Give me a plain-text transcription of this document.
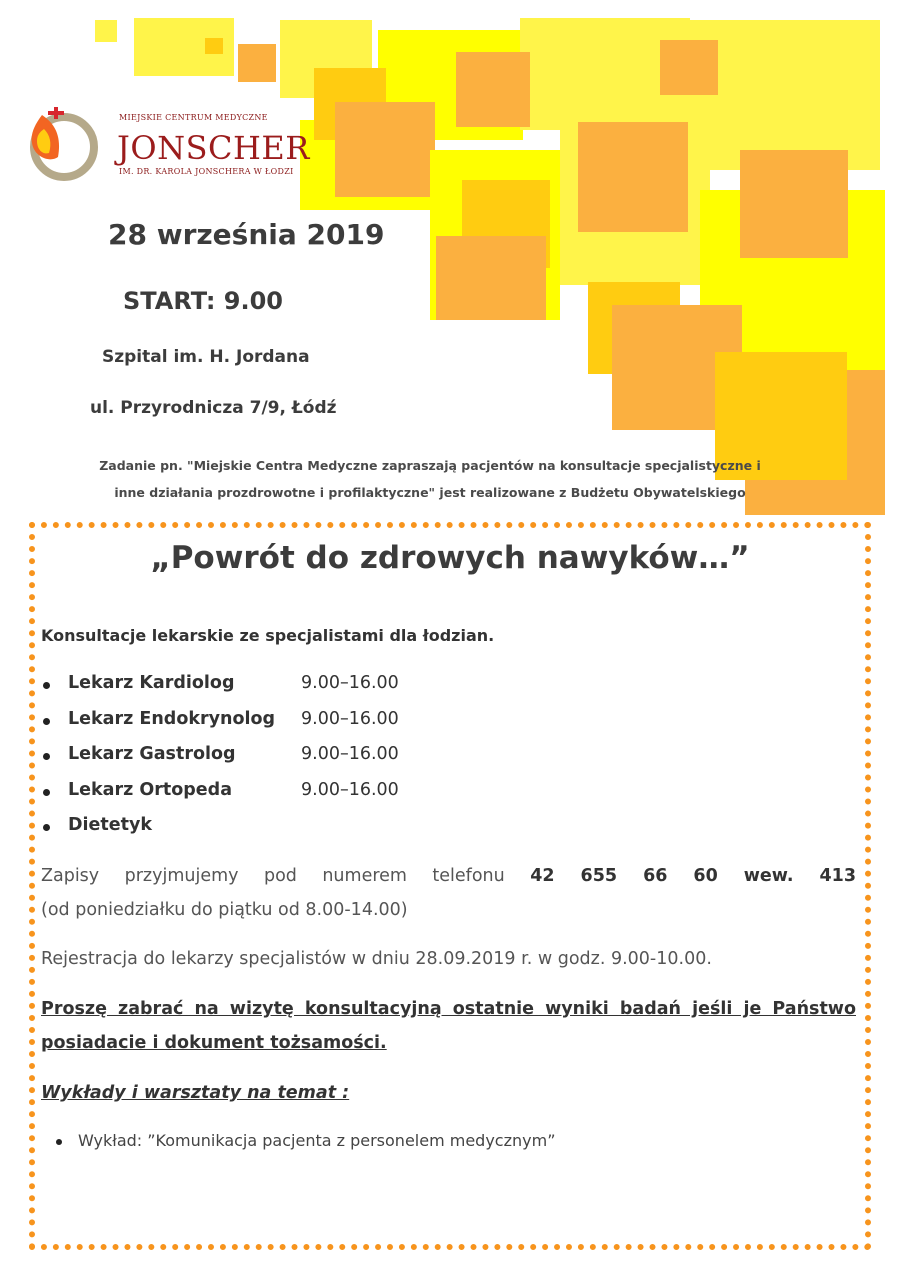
MIEJSKIE CENTRUM MEDYCZNE
JONSCHER
IM. DR. KAROLA JONSCHERA W ŁODZI
28 września 2019
START: 9.00
Szpital im. H. Jordana
ul. Przyrodnicza 7/9, Łódź
Zadanie pn. "Miejskie Centra Medyczne zapraszają pacjentów na konsultacje specjalistyczne i
inne działania prozdrowotne i profilaktyczne" jest realizowane z Budżetu Obywatelskiego
„Powrót do zdrowych nawyków…”
Konsultacje lekarskie ze specjalistami dla łodzian.
Lekarz Kardiolog	9.00–16.00
Lekarz Endokrynolog 9.00–16.00
Lekarz Gastrolog	9.00–16.00
Lekarz Ortopeda	9.00–16.00
Dietetyk
Zapisy przyjmujemy pod numerem telefonu 42 655 66 60 wew. 413
(od poniedziałku do piątku od 8.00-14.00)
Rejestracja do lekarzy specjalistów w dniu 28.09.2019 r. w godz. 9.00-10.00.
Proszę zabrać na wizytę konsultacyjną ostatnie wyniki badań jeśli je Państwo
posiadacie i dokument tożsamości.
Wykłady i warsztaty na temat :
Wykład: ”Komunikacja pacjenta z personelem medycznym”
